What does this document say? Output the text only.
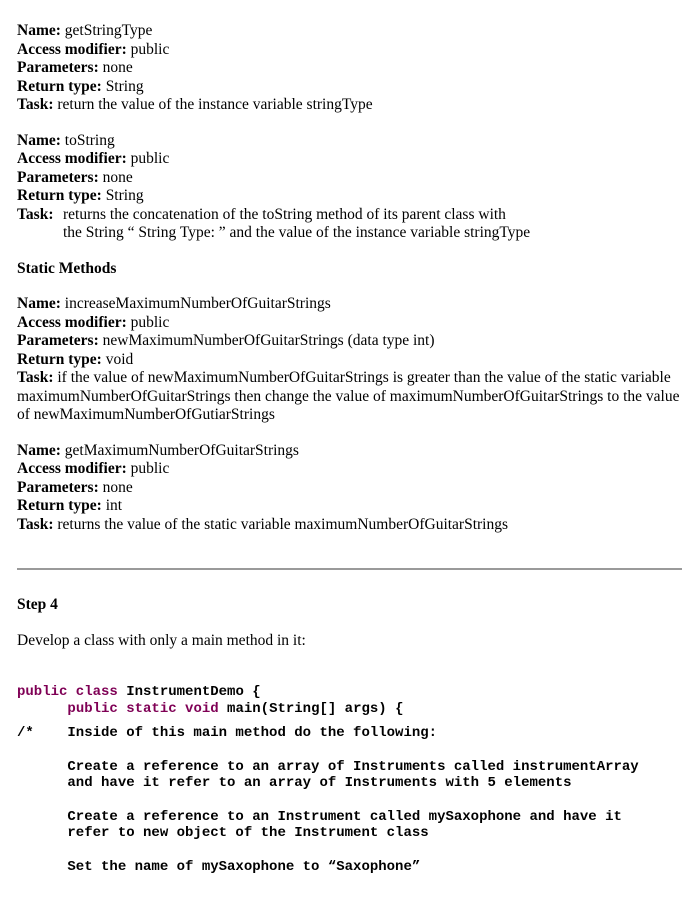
Name: getStringType
Access modifier: public
Parameters: none
Return type: String
Task: return the value of the instance variable stringType
Name: toString
Access modifier: public
Parameters: none
Return type: String
Task: returns the concatenation of the toString method of its parent class with
the String “ String Type: ” and the value of the instance variable stringType
Static Methods
Name: increaseMaximumNumberOfGuitarStrings
Access modifier: public
Parameters: newMaximumNumberOfGuitarStrings (data type int)
Return type: void
Task: if the value of newMaximumNumberOfGuitarStrings is greater than the value of the static variable maximumNumberOfGuitarStrings then change the value of maximumNumberOfGuitarStrings to the value of newMaximumNumberOfGutiarStrings
Name: getMaximumNumberOfGuitarStrings
Access modifier: public
Parameters: none
Return type: int
Task: returns the value of the static variable maximumNumberOfGuitarStrings
Step 4
Develop a class with only a main method in it:
public class InstrumentDemo {
public static void main(String[] args) {
/*    Inside of this main method do the following:
Create a reference to an array of Instruments called instrumentArray
and have it refer to an array of Instruments with 5 elements
Create a reference to an Instrument called mySaxophone and have it
refer to new object of the Instrument class
Set the name of mySaxophone to “Saxophone”
